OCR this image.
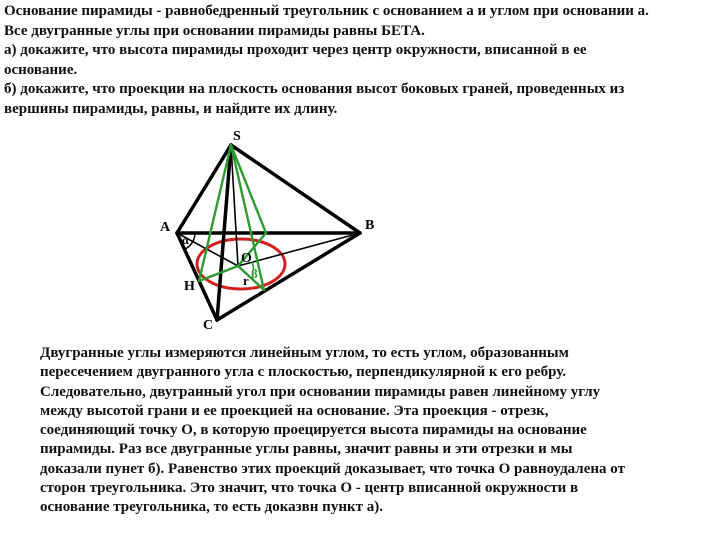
Основание пирамиды - равнобедренный треугольник с основанием а и углом при основании а.
Все двугранные углы при основании пирамиды равны БЕТА.
а) докажите, что высота пирамиды проходит через центр окружности, вписанной в ее
основание.
б) докажите, что проекции на плоскость основания высот боковых граней, проведенных из
вершины пирамиды, равны, и найдите их длину.
S
A	B
C
O
H	r
α
β
Двугранные углы измеряются линейным углом, то есть углом, образованным
пересечением двугранного угла с плоскостью, перпендикулярной к его ребру.
Следовательно, двугранный угол при основании пирамиды равен линейному углу
между высотой грани и ее проекцией на основание. Эта проекция - отрезк,
соединяющий точку О, в которую проецируется высота пирамиды на основание
пирамиды. Раз все двугранные углы равны, значит равны и эти отрезки и мы
доказали пунет б). Равенство этих проекций доказывает, что точка О равноудалена от
сторон треугольника. Это значит, что точка О - центр вписанной окружности в
основание треугольника, то есть доказвн пункт а).
